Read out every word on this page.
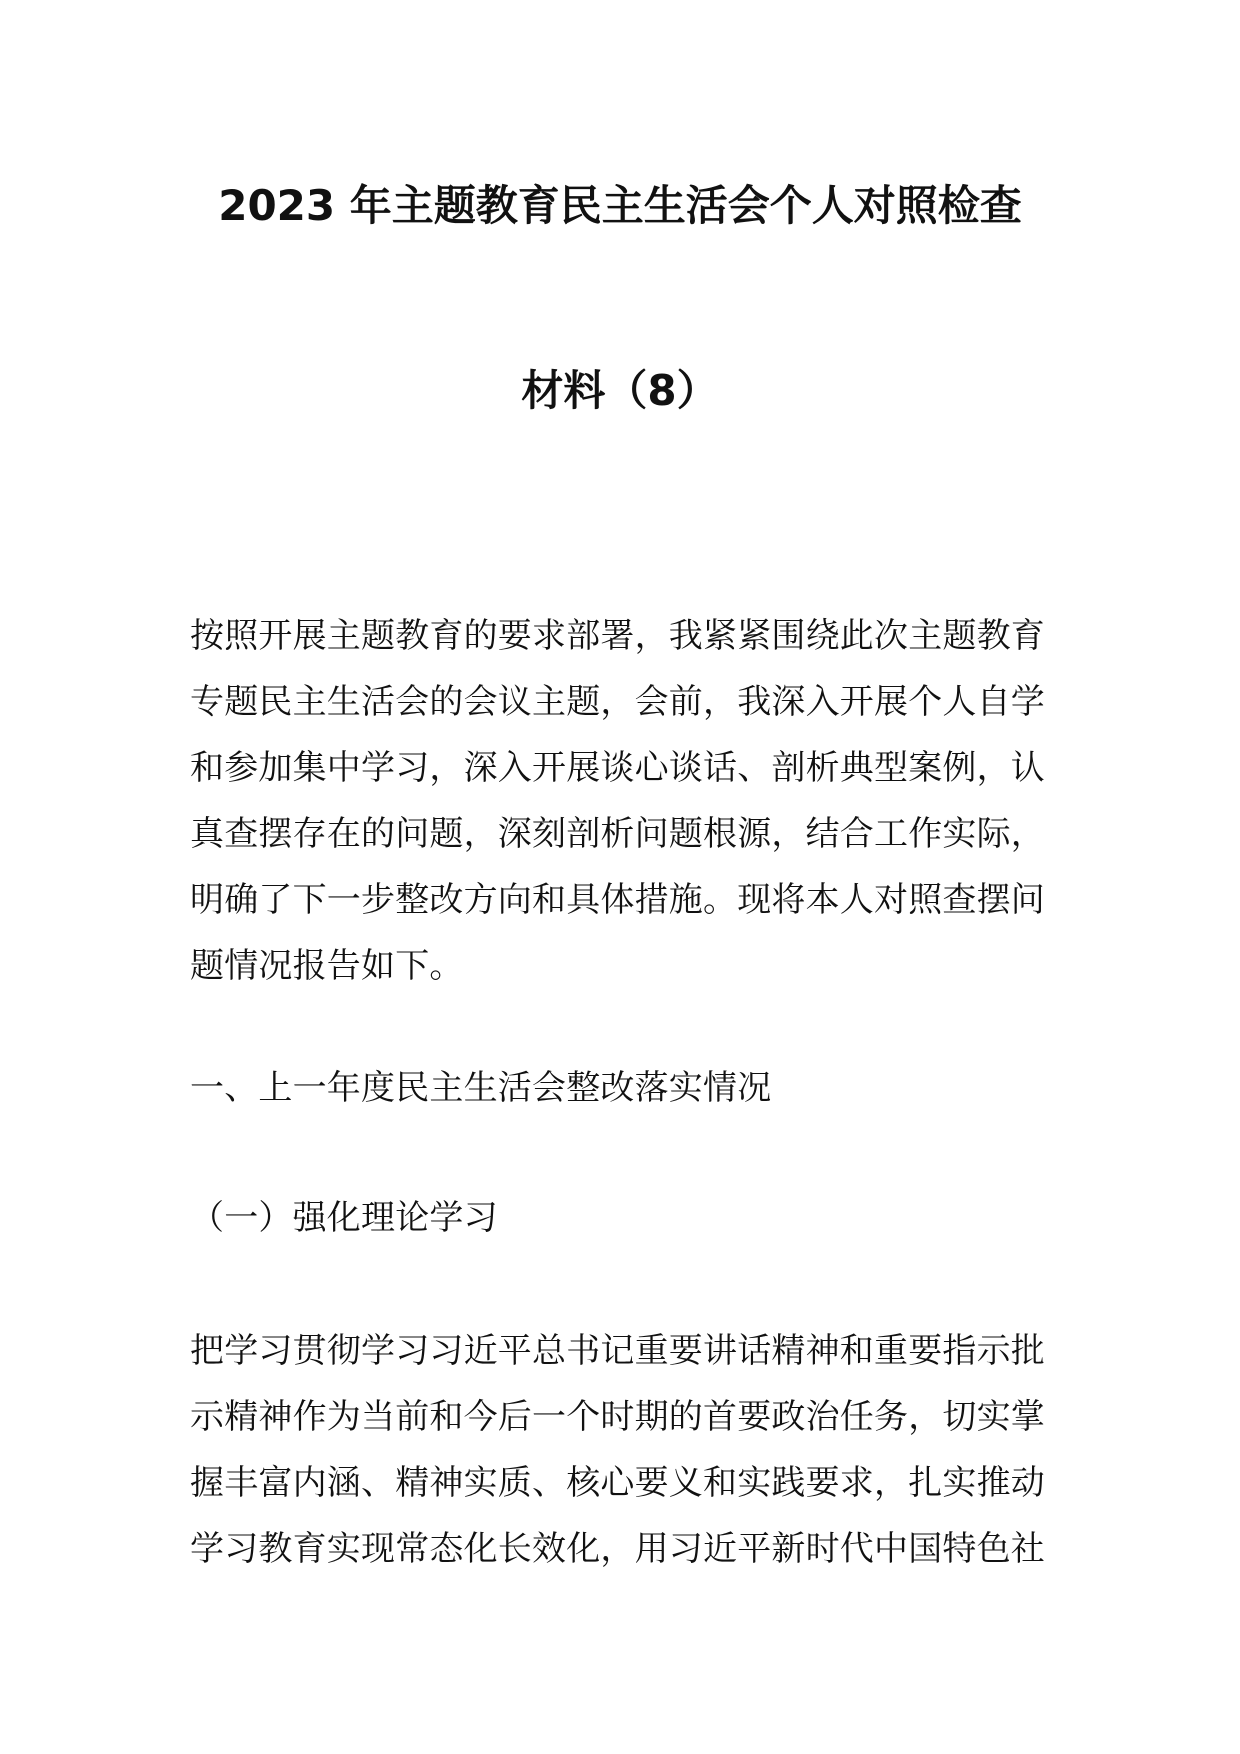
2023 年主题教育民主生活会个人对照检查
材料（8）

按照开展主题教育的要求部署，我紧紧围绕此次主题教育
专题民主生活会的会议主题，会前，我深入开展个人自学
和参加集中学习，深入开展谈心谈话、剖析典型案例，认
真查摆存在的问题，深刻剖析问题根源，结合工作实际，
明确了下一步整改方向和具体措施。现将本人对照查摆问
题情况报告如下。

一、上一年度民主生活会整改落实情况

（一）强化理论学习

把学习贯彻学习习近平总书记重要讲话精神和重要指示批
示精神作为当前和今后一个时期的首要政治任务，切实掌
握丰富内涵、精神实质、核心要义和实践要求，扎实推动
学习教育实现常态化长效化，用习近平新时代中国特色社
